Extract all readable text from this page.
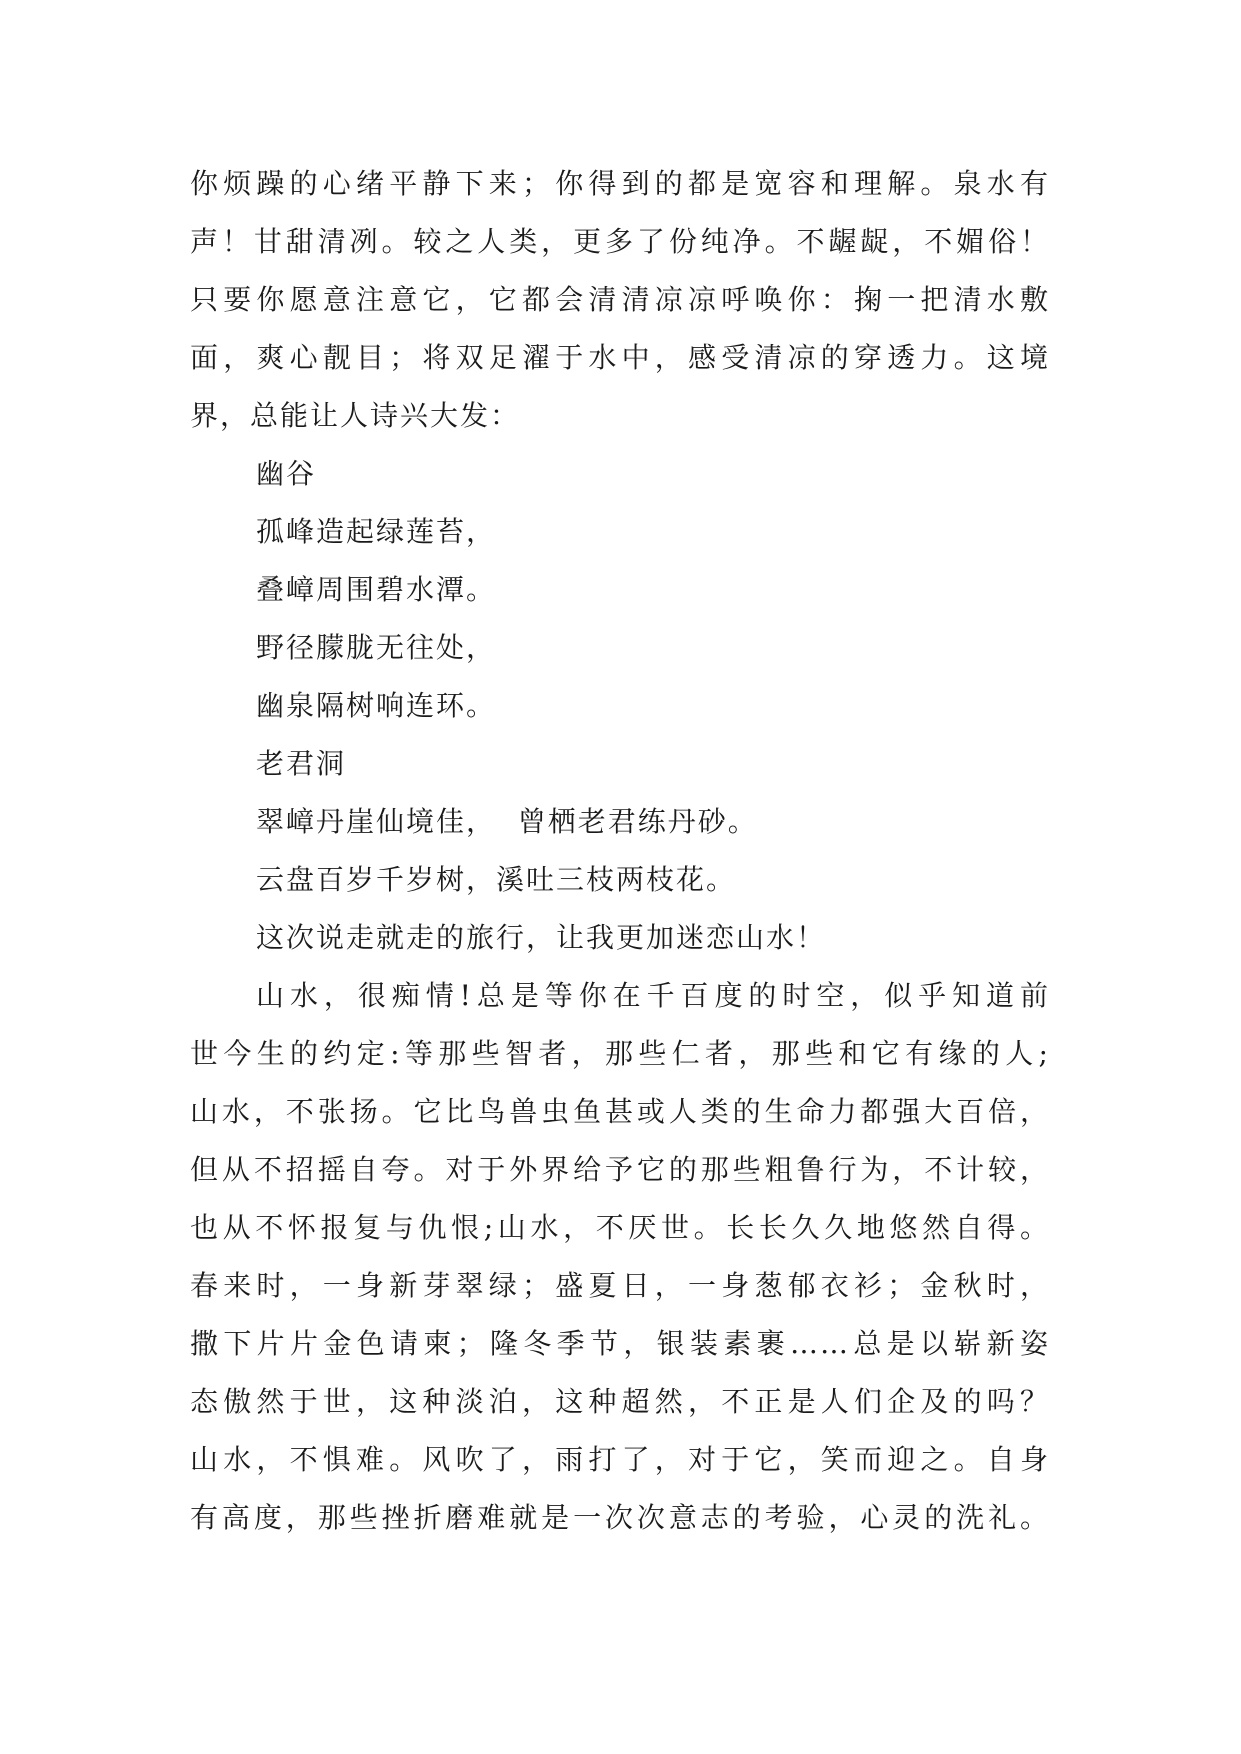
你烦躁的心绪平静下来；你得到的都是宽容和理解。泉水有
声！甘甜清冽。较之人类，更多了份纯净。不龌龊，不媚俗！
只要你愿意注意它，它都会清清凉凉呼唤你：掬一把清水敷
面，爽心靓目；将双足濯于水中，感受清凉的穿透力。这境
界，总能让人诗兴大发：
幽谷
孤峰造起绿莲苔，
叠嶂周围碧水潭。
野径朦胧无往处，
幽泉隔树响连环。
老君洞
翠嶂丹崖仙境佳，  曾栖老君练丹砂。
云盘百岁千岁树，溪吐三枝两枝花。
这次说走就走的旅行，让我更加迷恋山水！
山水，很痴情!总是等你在千百度的时空，似乎知道前
世今生的约定:等那些智者，那些仁者，那些和它有缘的人;
山水，不张扬。它比鸟兽虫鱼甚或人类的生命力都强大百倍，
但从不招摇自夸。对于外界给予它的那些粗鲁行为，不计较，
也从不怀报复与仇恨;山水，不厌世。长长久久地悠然自得。
春来时，一身新芽翠绿；盛夏日，一身葱郁衣衫；金秋时，
撒下片片金色请柬；隆冬季节，银装素裹……总是以崭新姿
态傲然于世，这种淡泊，这种超然，不正是人们企及的吗？
山水，不惧难。风吹了，雨打了，对于它，笑而迎之。自身
有高度，那些挫折磨难就是一次次意志的考验，心灵的洗礼。
